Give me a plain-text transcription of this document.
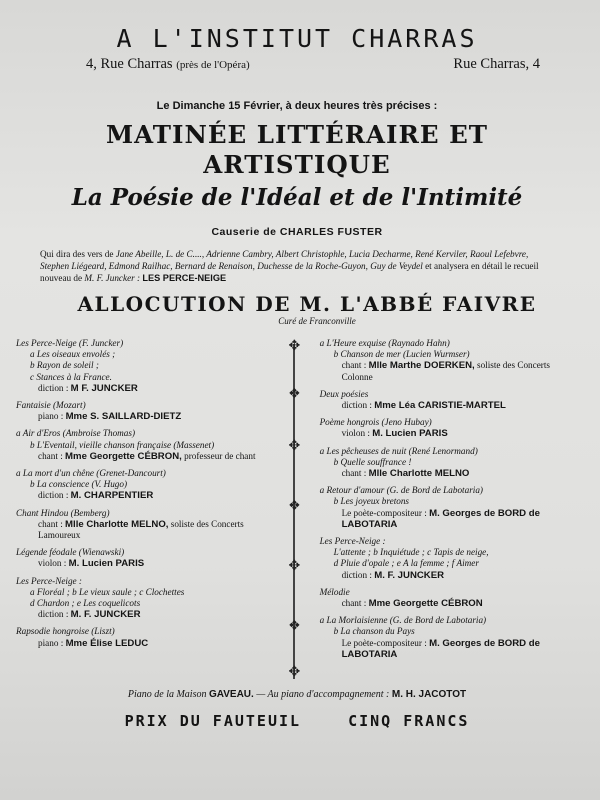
A L'INSTITUT CHARRAS
4, Rue Charras (près de l'Opéra)	Rue Charras, 4
Le Dimanche 15 Février, à deux heures très précises :
MATINÉE LITTÉRAIRE ET ARTISTIQUE
La Poésie de l'Idéal et de l'Intimité
Causerie de CHARLES FUSTER
Qui dira des vers de Jane Abeille, L. de C...., Adrienne Cambry, Albert Christophle, Lucia Decharme, René Kerviler, Raoul Lefebvre, Stephen Liégeard, Edmond Railhac, Bernard de Renaison, Duchesse de la Roche-Guyon, Guy de Veydel et analysera en détail le recueil nouveau de M. F. Juncker : LES PERCE-NEIGE
ALLOCUTION DE M. L'ABBÉ FAIVRE
Curé de Franconville
Les Perce-Neige (F. Juncker)
a Les oiseaux envolés ;
b Rayon de soleil ;
c Stances à la France.
diction : M F. JUNCKER
Fantaisie (Mozart)
piano : Mme S. SAILLARD-DIETZ
a Air d'Eros (Ambroise Thomas)
b L'Eventail, vieille chanson française (Massenet)
chant : Mme Georgette CÉBRON, professeur de chant
a La mort d'un chêne (Grenet-Dancourt)
b La conscience (V. Hugo)
diction : M. CHARPENTIER
Chant Hindou (Bemberg)
chant : Mlle Charlotte MELNO, soliste des Concerts Lamoureux
Légende féodale (Wienawski)
violon : M. Lucien PARIS
Les Perce-Neige :
a Floréal ; b Le vieux saule ; c Clochettes
d Chardon ; e Les coquelicots
diction : M. F. JUNCKER
Rapsodie hongroise (Liszt)
piano : Mme Élise LEDUC
✥
❖
✥
❖
✥
❖
✥
a L'Heure exquise (Raynado Hahn)
b Chanson de mer (Lucien Wurmser)
chant : Mlle Marthe DOERKEN, soliste des Concerts Colonne
Deux poésies
diction : Mme Léa CARISTIE-MARTEL
Poème hongrois (Jeno Hubay)
violon : M. Lucien PARIS
a Les pêcheuses de nuit (René Lenormand)
b Quelle souffrance !
chant : Mlle Charlotte MELNO
a Retour d'amour (G. de Bord de Labotaria)
b Les joyeux bretons
Le poète-compositeur : M. Georges de BORD de LABOTARIA
Les Perce-Neige :
L'attente ; b Inquiétude ; c Tapis de neige,
d Pluie d'opale ; e A la femme ; f Aimer
diction : M. F. JUNCKER
Mélodie
chant : Mme Georgette CÉBRON
a La Morlaisienne (G. de Bord de Labotaria)
b La chanson du Pays
Le poète-compositeur : M. Georges de BORD de LABOTARIA
Piano de la Maison GAVEAU. — Au piano d'accompagnement : M. H. JACOTOT
PRIX DU FAUTEUIL	CINQ FRANCS
